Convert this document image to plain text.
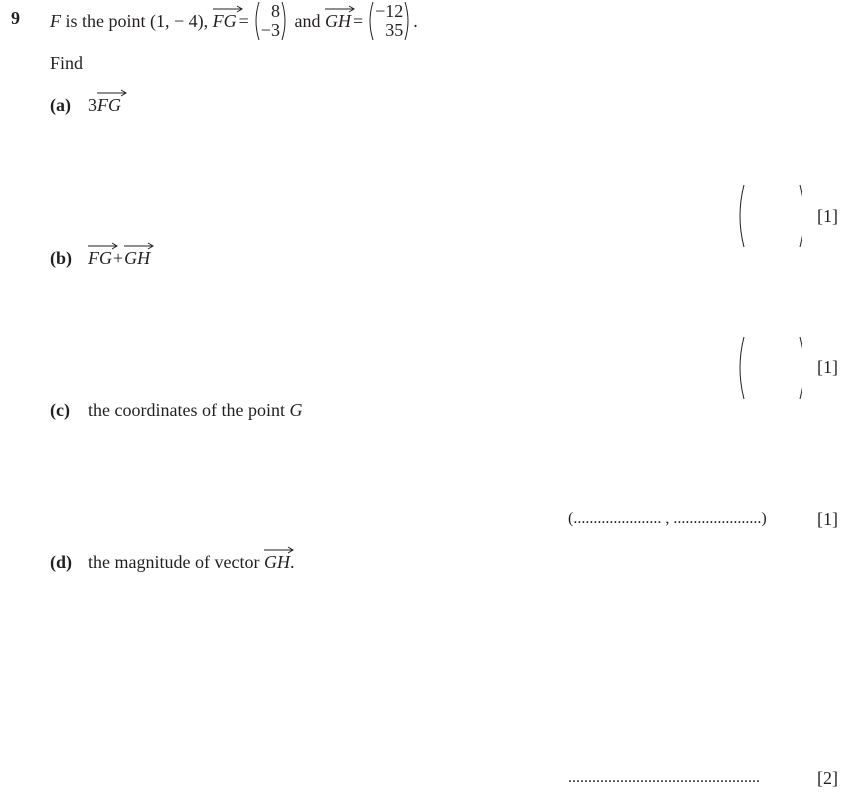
9 F
is the point
(1, − 4),
FG = 8
−3
and
GH = −12
35 .
Find
(a) 3
FG
[1]
(b) FG+
GH
[1]
(c) the coordinates of the point G
(...................... , ......................)	[1]
(d) the magnitude of vector GH.
................................................	[2]
